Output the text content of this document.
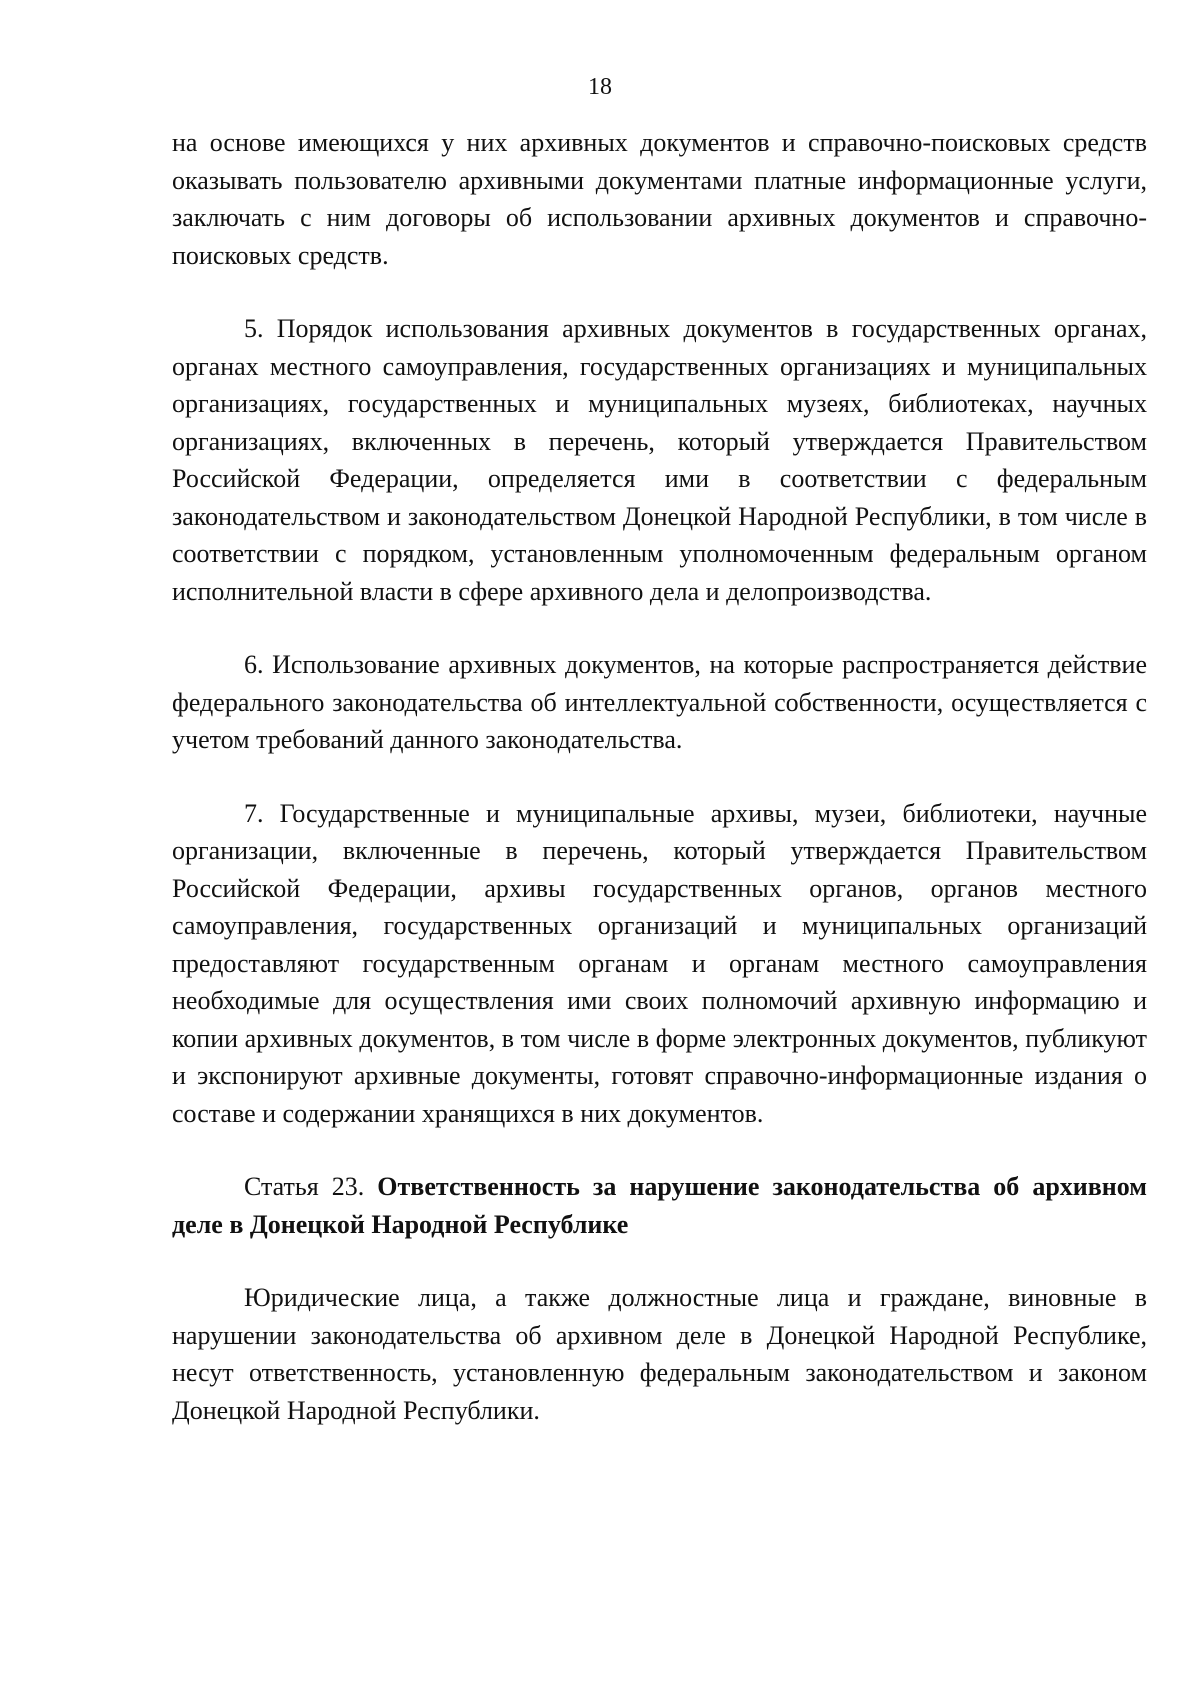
18

на основе имеющихся у них архивных документов и справочно-поисковых средств оказывать пользователю архивными документами платные информационные услуги, заключать с ним договоры об использовании архивных документов и справочно-поисковых средств.

5. Порядок использования архивных документов в государственных органах, органах местного самоуправления, государственных организациях и муниципальных организациях, государственных и муниципальных музеях, библиотеках, научных организациях, включенных в перечень, который утверждается Правительством Российской Федерации, определяется ими в соответствии с федеральным законодательством и законодательством Донецкой Народной Республики, в том числе в соответствии с порядком, установленным уполномоченным федеральным органом исполнительной власти в сфере архивного дела и делопроизводства.

6. Использование архивных документов, на которые распространяется действие федерального законодательства об интеллектуальной собственности, осуществляется с учетом требований данного законодательства.

7. Государственные и муниципальные архивы, музеи, библиотеки, научные организации, включенные в перечень, который утверждается Правительством Российской Федерации, архивы государственных органов, органов местного самоуправления, государственных организаций и муниципальных организаций предоставляют государственным органам и органам местного самоуправления необходимые для осуществления ими своих полномочий архивную информацию и копии архивных документов, в том числе в форме электронных документов, публикуют и экспонируют архивные документы, готовят справочно-информационные издания о составе и содержании хранящихся в них документов.

Статья 23. Ответственность за нарушение законодательства об архивном деле в Донецкой Народной Республике

Юридические лица, а также должностные лица и граждане, виновные в нарушении законодательства об архивном деле в Донецкой Народной Республике, несут ответственность, установленную федеральным законодательством и законом Донецкой Народной Республики.
